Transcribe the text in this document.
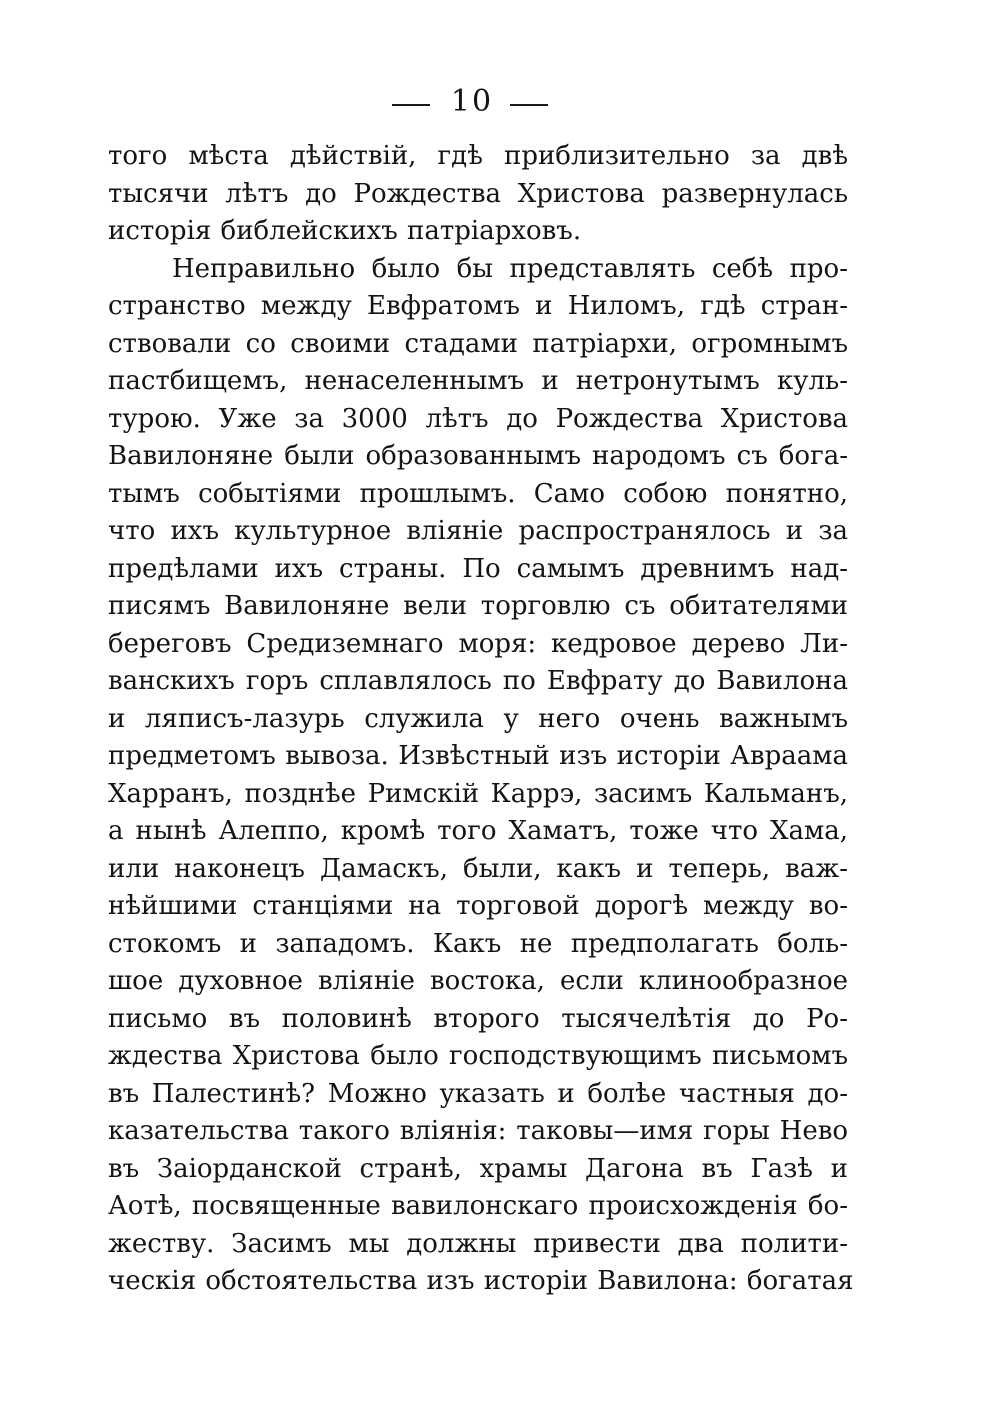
10
того мѣста дѣйствій, гдѣ приблизительно за двѣ
тысячи лѣтъ до Рождества Христова развернулась
исторія библейскихъ патріарховъ.
Неправильно было бы представлять себѣ про-
странство между Евфратомъ и Ниломъ, гдѣ стран-
ствовали со своими стадами патріархи, огромнымъ
пастбищемъ, ненаселеннымъ и нетронутымъ куль-
турою. Уже за 3000 лѣтъ до Рождества Христова
Вавилоняне были образованнымъ народомъ съ бога-
тымъ событіями прошлымъ. Само собою понятно,
что ихъ культурное вліяніе распространялось и за
предѣлами ихъ страны. По самымъ древнимъ над-
писямъ Вавилоняне вели торговлю съ обитателями
береговъ Средиземнаго моря: кедровое дерево Ли-
ванскихъ горъ сплавлялось по Евфрату до Вавилона
и ляписъ-лазурь служила у него очень важнымъ
предметомъ вывоза. Извѣстный изъ исторіи Авраама
Харранъ, позднѣе Римскій Каррэ, засимъ Кальманъ,
а нынѣ Алеппо, кромѣ того Хаматъ, тоже что Хама,
или наконецъ Дамаскъ, были, какъ и теперь, важ-
нѣйшими станціями на торговой дорогѣ между во-
стокомъ и западомъ. Какъ не предполагать боль-
шое духовное вліяніе востока, если клинообразное
письмо въ половинѣ второго тысячелѣтія до Ро-
ждества Христова было господствующимъ письмомъ
въ Палестинѣ? Можно указать и болѣе частныя до-
казательства такого вліянія: таковы—имя горы Нево
въ Заіорданской странѣ, храмы Дагона въ Газѣ и
Аотѣ, посвященные вавилонскаго происхожденія бо-
жеству. Засимъ мы должны привести два полити-
ческія обстоятельства изъ исторіи Вавилона: богатая
